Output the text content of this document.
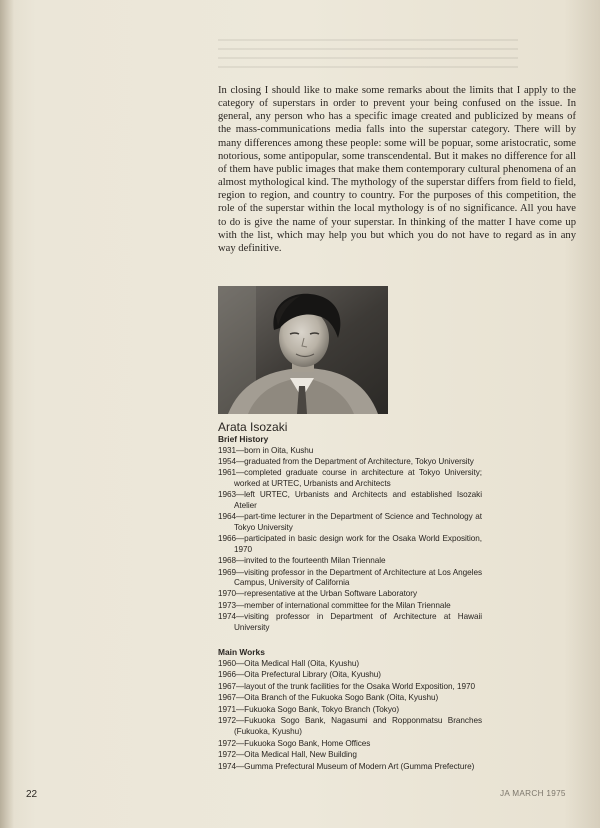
In closing I should like to make some remarks about the limits that I apply to the category of superstars in order to prevent your being confused on the issue. In general, any person who has a specific image created and publicized by means of the mass-communications media falls into the superstar category. There will by many differences among these people: some will be popuar, some aristocratic, some notorious, some antipopular, some transcendental. But it makes no difference for all of them have public images that make them contemporary cultural phenomena of an almost mythological kind. The mythology of the superstar differs from field to field, region to region, and country to country. For the purposes of this competition, the role of the superstar within the local mythology is of no significance. All you have to do is give the name of your superstar. In thinking of the matter I have come up with the list, which may help you but which you do not have to regard as in any way definitive.

Arata Isozaki
Brief History
1931—born in Oita, Kushu
1954—graduated from the Department of Architecture, Tokyo University
1961—completed graduate course in architecture at Tokyo University; worked at URTEC, Urbanists and Architects
1963—left URTEC, Urbanists and Architects and established Isozaki Atelier
1964—part-time lecturer in the Department of Science and Technology at Tokyo University
1966—participated in basic design work for the Osaka World Exposition, 1970
1968—invited to the fourteenth Milan Triennale
1969—visiting professor in the Department of Architecture at Los Angeles Campus, University of California
1970—representative at the Urban Software Laboratory
1973—member of international committee for the Milan Triennale
1974—visiting professor in Department of Architecture at Hawaii University
Main Works
1960—Oita Medical Hall (Oita, Kyushu)
1966—Oita Prefectural Library (Oita, Kyushu)
1967—layout of the trunk facilities for the Osaka World Exposition, 1970
1967—Oita Branch of the Fukuoka Sogo Bank (Oita, Kyushu)
1971—Fukuoka Sogo Bank, Tokyo Branch (Tokyo)
1972—Fukuoka Sogo Bank, Nagasumi and Ropponmatsu Branches (Fukuoka, Kyushu)
1972—Fukuoka Sogo Bank, Home Offices
1972—Oita Medical Hall, New Building
1974—Gumma Prefectural Museum of Modern Art (Gumma Prefecture)
22	JA MARCH 1975
